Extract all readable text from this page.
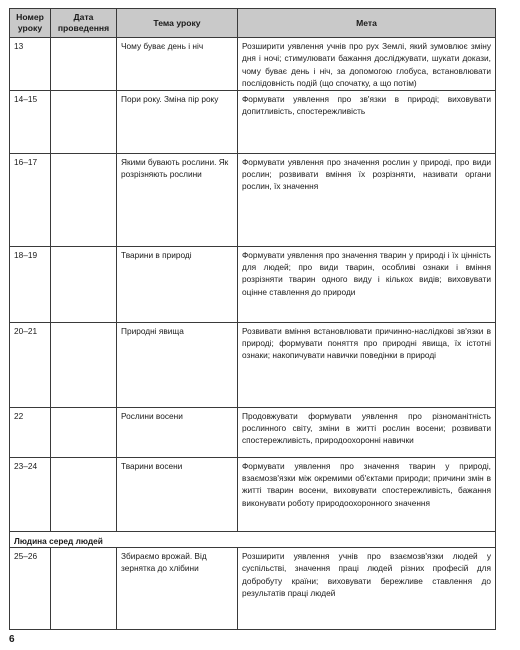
Номер уроку	Дата проведення	Тема уроку	Мета
13		Чому буває день і ніч	Розширити уявлення учнів про рух Землі, який зумовлює зміну дня і ночі; стимулювати бажання досліджувати, шукати докази, чому буває день і ніч, за допомогою глобуса, встановлювати послідовність подій (що спочатку, а що потім)
14–15		Пори року. Зміна пір року	Формувати уявлення про зв'язки в природі; виховувати допитливість, спостережливість
16–17		Якими бувають рослини. Як розрізняють рослини	Формувати уявлення про значення рослин у природі, про види рослин; розвивати вміння їх розрізняти, називати органи рослин, їх значення
18–19		Тварини в природі	Формувати уявлення про значення тварин у природі і їх цінність для людей; про види тварин, особливі ознаки і вміння розрізняти тварин одного виду і кількох видів; виховувати оцінне ставлення до природи
20–21		Природні явища	Розвивати вміння встановлювати причинно-наслідкові зв'язки в природі; формувати поняття про природні явища, їх істотні ознаки; накопичувати навички поведінки в природі
22		Рослини восени	Продовжувати формувати уявлення про різноманітність рослинного світу, зміни в житті рослин восени; розвивати спостережливість, природоохоронні навички
23–24		Тварини восени	Формувати уявлення про значення тварин у природі, взаємозв'язки між окремими об'єктами природи; причини змін в житті тварин восени, виховувати спостережливість, бажання виконувати роботу природоохоронного значення
Людина серед людей			
25–26		Збираємо врожай. Від зернятка до хлібини	Розширити уявлення учнів про взаємозв'язки людей у суспільстві, значення праці людей різних професій для добробуту країни; виховувати бережливе ставлення до результатів праці людей
6
